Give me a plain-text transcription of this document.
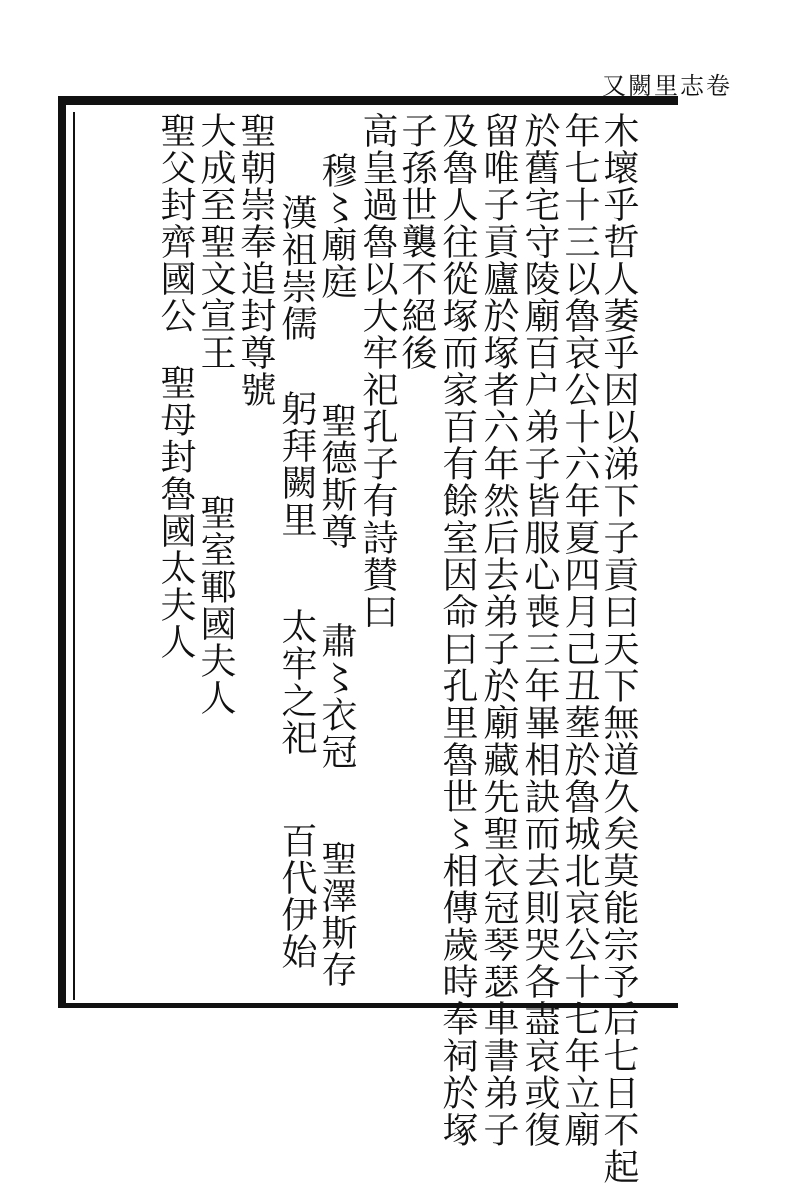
又闕里志卷
木壞乎哲人萎乎因以涕下子貢曰天下無道久矣莫能宗予后七日不起
年七十三以魯哀公十六年夏四月己丑塟於魯城北哀公十七年立廟
於舊宅守陵廟百户弟子皆服心喪三年畢相訣而去則哭各盡哀或復
留唯子貢廬於塚者六年然后去弟子於廟藏先聖衣冠琴瑟車書弟子
及魯人往從塚而家百有餘室因命曰孔里魯世〻相傳歲時奉祠於塚
子孫世襲不絕後
高皇過魯以大牢祀孔子有詩賛曰
穆〻廟庭
聖德斯尊
肅〻衣冠
聖澤斯存
漢祖崇儒
躬拜闕里
太牢之祀
百代伊始
聖朝崇奉追封尊號
大成至聖文宣王
聖室鄆國夫人
聖父封齊國公
聖母封魯國太夫人
